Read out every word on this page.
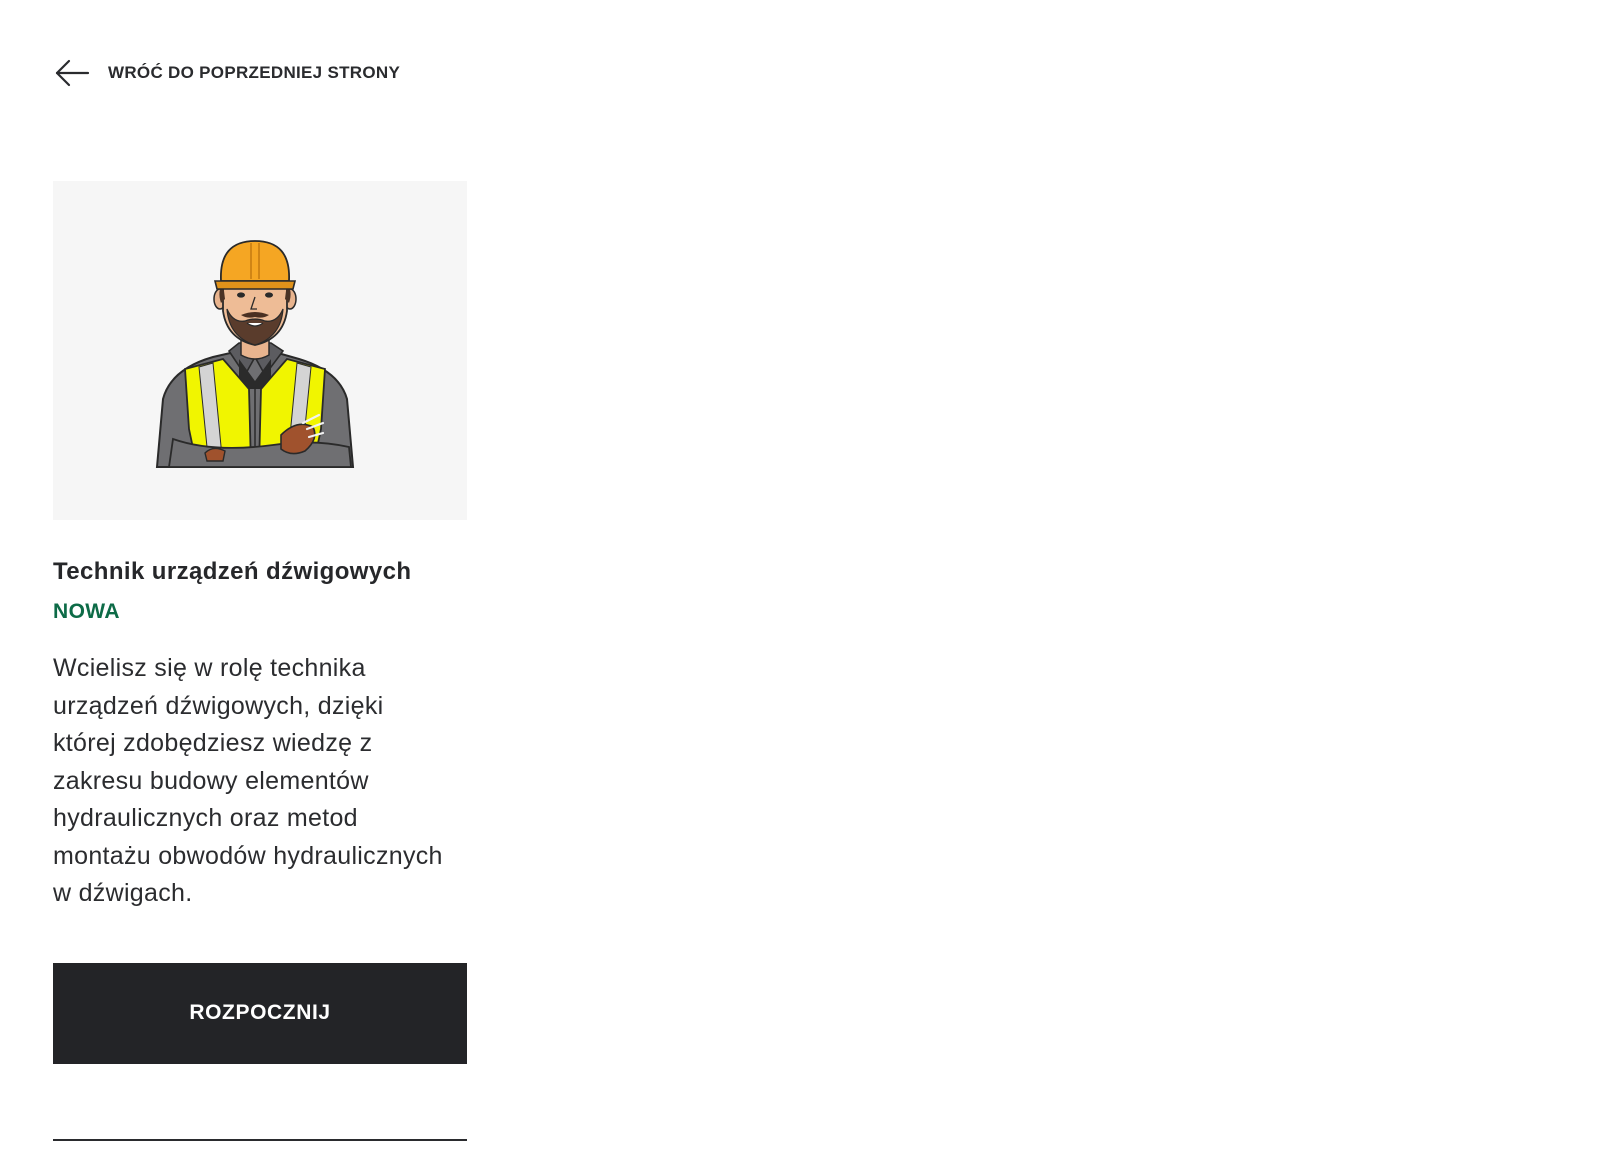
WRÓĆ DO POPRZEDNIEJ STRONY
Technik urządzeń dźwigowych
NOWA
Wcielisz się w rolę technika urządzeń dźwigowych, dzięki której zdobędziesz wiedzę z zakresu budowy elementów hydraulicznych oraz metod montażu obwodów hydraulicznych w dźwigach.
ROZPOCZNIJ
